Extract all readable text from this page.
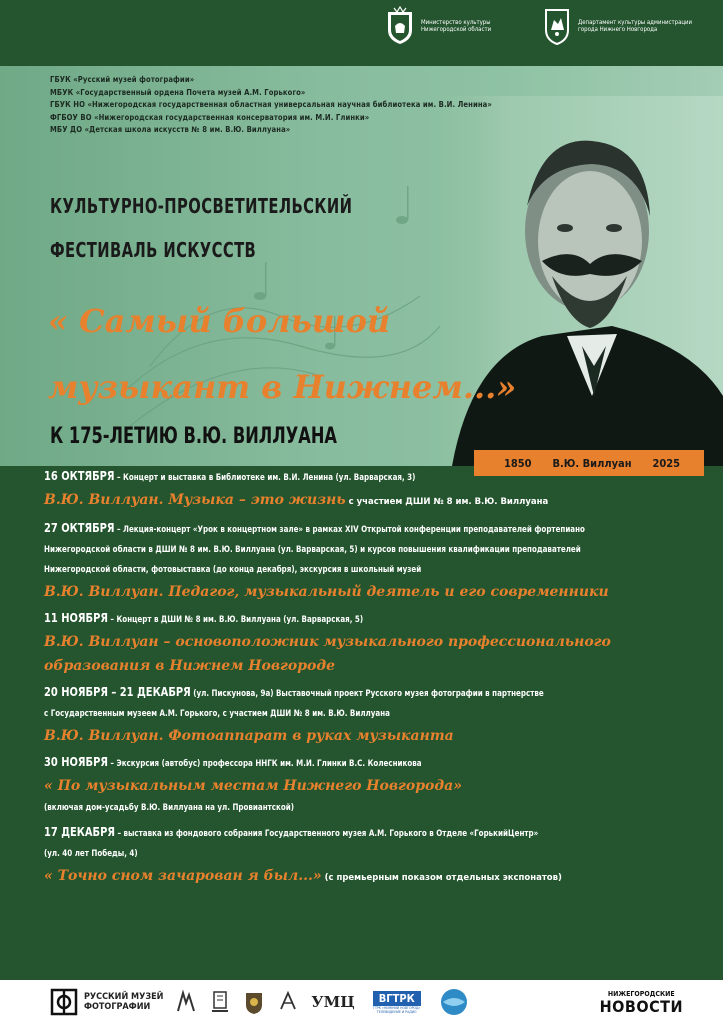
Министерство культуры
Нижегородской области
Департамент культуры администрации
города Нижнего Новгорода
ГБУК «Русский музей фотографии»
МБУК «Государственный ордена Почета музей А.М. Горького»
ГБУК НО «Нижегородская государственная областная универсальная научная библиотека им. В.И. Ленина»
ФГБОУ ВО «Нижегородская государственная консерватория им. М.И. Глинки»
МБУ ДО «Детская школа искусств № 8 им. В.Ю. Виллуана»
КУЛЬТУРНО-ПРОСВЕТИТЕЛЬСКИЙ
ФЕСТИВАЛЬ ИСКУССТВ
« Самый большой
музыкант в Нижнем...»
К 175-ЛЕТИЮ В.Ю. ВИЛЛУАНА
1850 В.Ю. Виллуан 2025
16 ОКТЯБРЯ – Концерт и выставка в Библиотеке им. В.И. Ленина (ул. Варварская, 3)
В.Ю. Виллуан. Музыка – это жизнь с участием ДШИ № 8 им. В.Ю. Виллуана
27 ОКТЯБРЯ – Лекция-концерт «Урок в концертном зале» в рамках XIV Открытой конференции преподавателей фортепиано
Нижегородской области в ДШИ № 8 им. В.Ю. Виллуана (ул. Варварская, 5) и курсов повышения квалификации преподавателей
Нижегородской области, фотовыставка (до конца декабря), экскурсия в школьный музей
В.Ю. Виллуан. Педагог, музыкальный деятель и его современники
11 НОЯБРЯ – Концерт в ДШИ № 8 им. В.Ю. Виллуана (ул. Варварская, 5)
В.Ю. Виллуан – основоположник музыкального профессионального
образования в Нижнем Новгороде
20 НОЯБРЯ – 21 ДЕКАБРЯ (ул. Пискунова, 9а) Выставочный проект Русского музея фотографии в партнерстве
с Государственным музеем А.М. Горького, с участием ДШИ № 8 им. В.Ю. Виллуана
В.Ю. Виллуан. Фотоаппарат в руках музыканта
30 НОЯБРЯ – Экскурсия (автобус) профессора ННГК им. М.И. Глинки В.С. Колесникова
« По музыкальным местам Нижнего Новгорода»
(включая дом-усадьбу В.Ю. Виллуана на ул. Провиантской)
17 ДЕКАБРЯ – выставка из фондового собрания Государственного музея А.М. Горького в Отделе «ГорькийЦентр»
(ул. 40 лет Победы, 4)
« Точно сном зачарован я был...» (с премьерным показом отдельных экспонатов)
РУССКИЙ МУЗЕЙ
ФОТОГРАФИИ	УМЦ	ВГТРК
ГТРК «НИЖНИЙ НОВГОРОД» ТЕЛЕВИДЕНИЕ И РАДИО
НИЖЕГОРОДСКИЕ
НОВОСТИ
